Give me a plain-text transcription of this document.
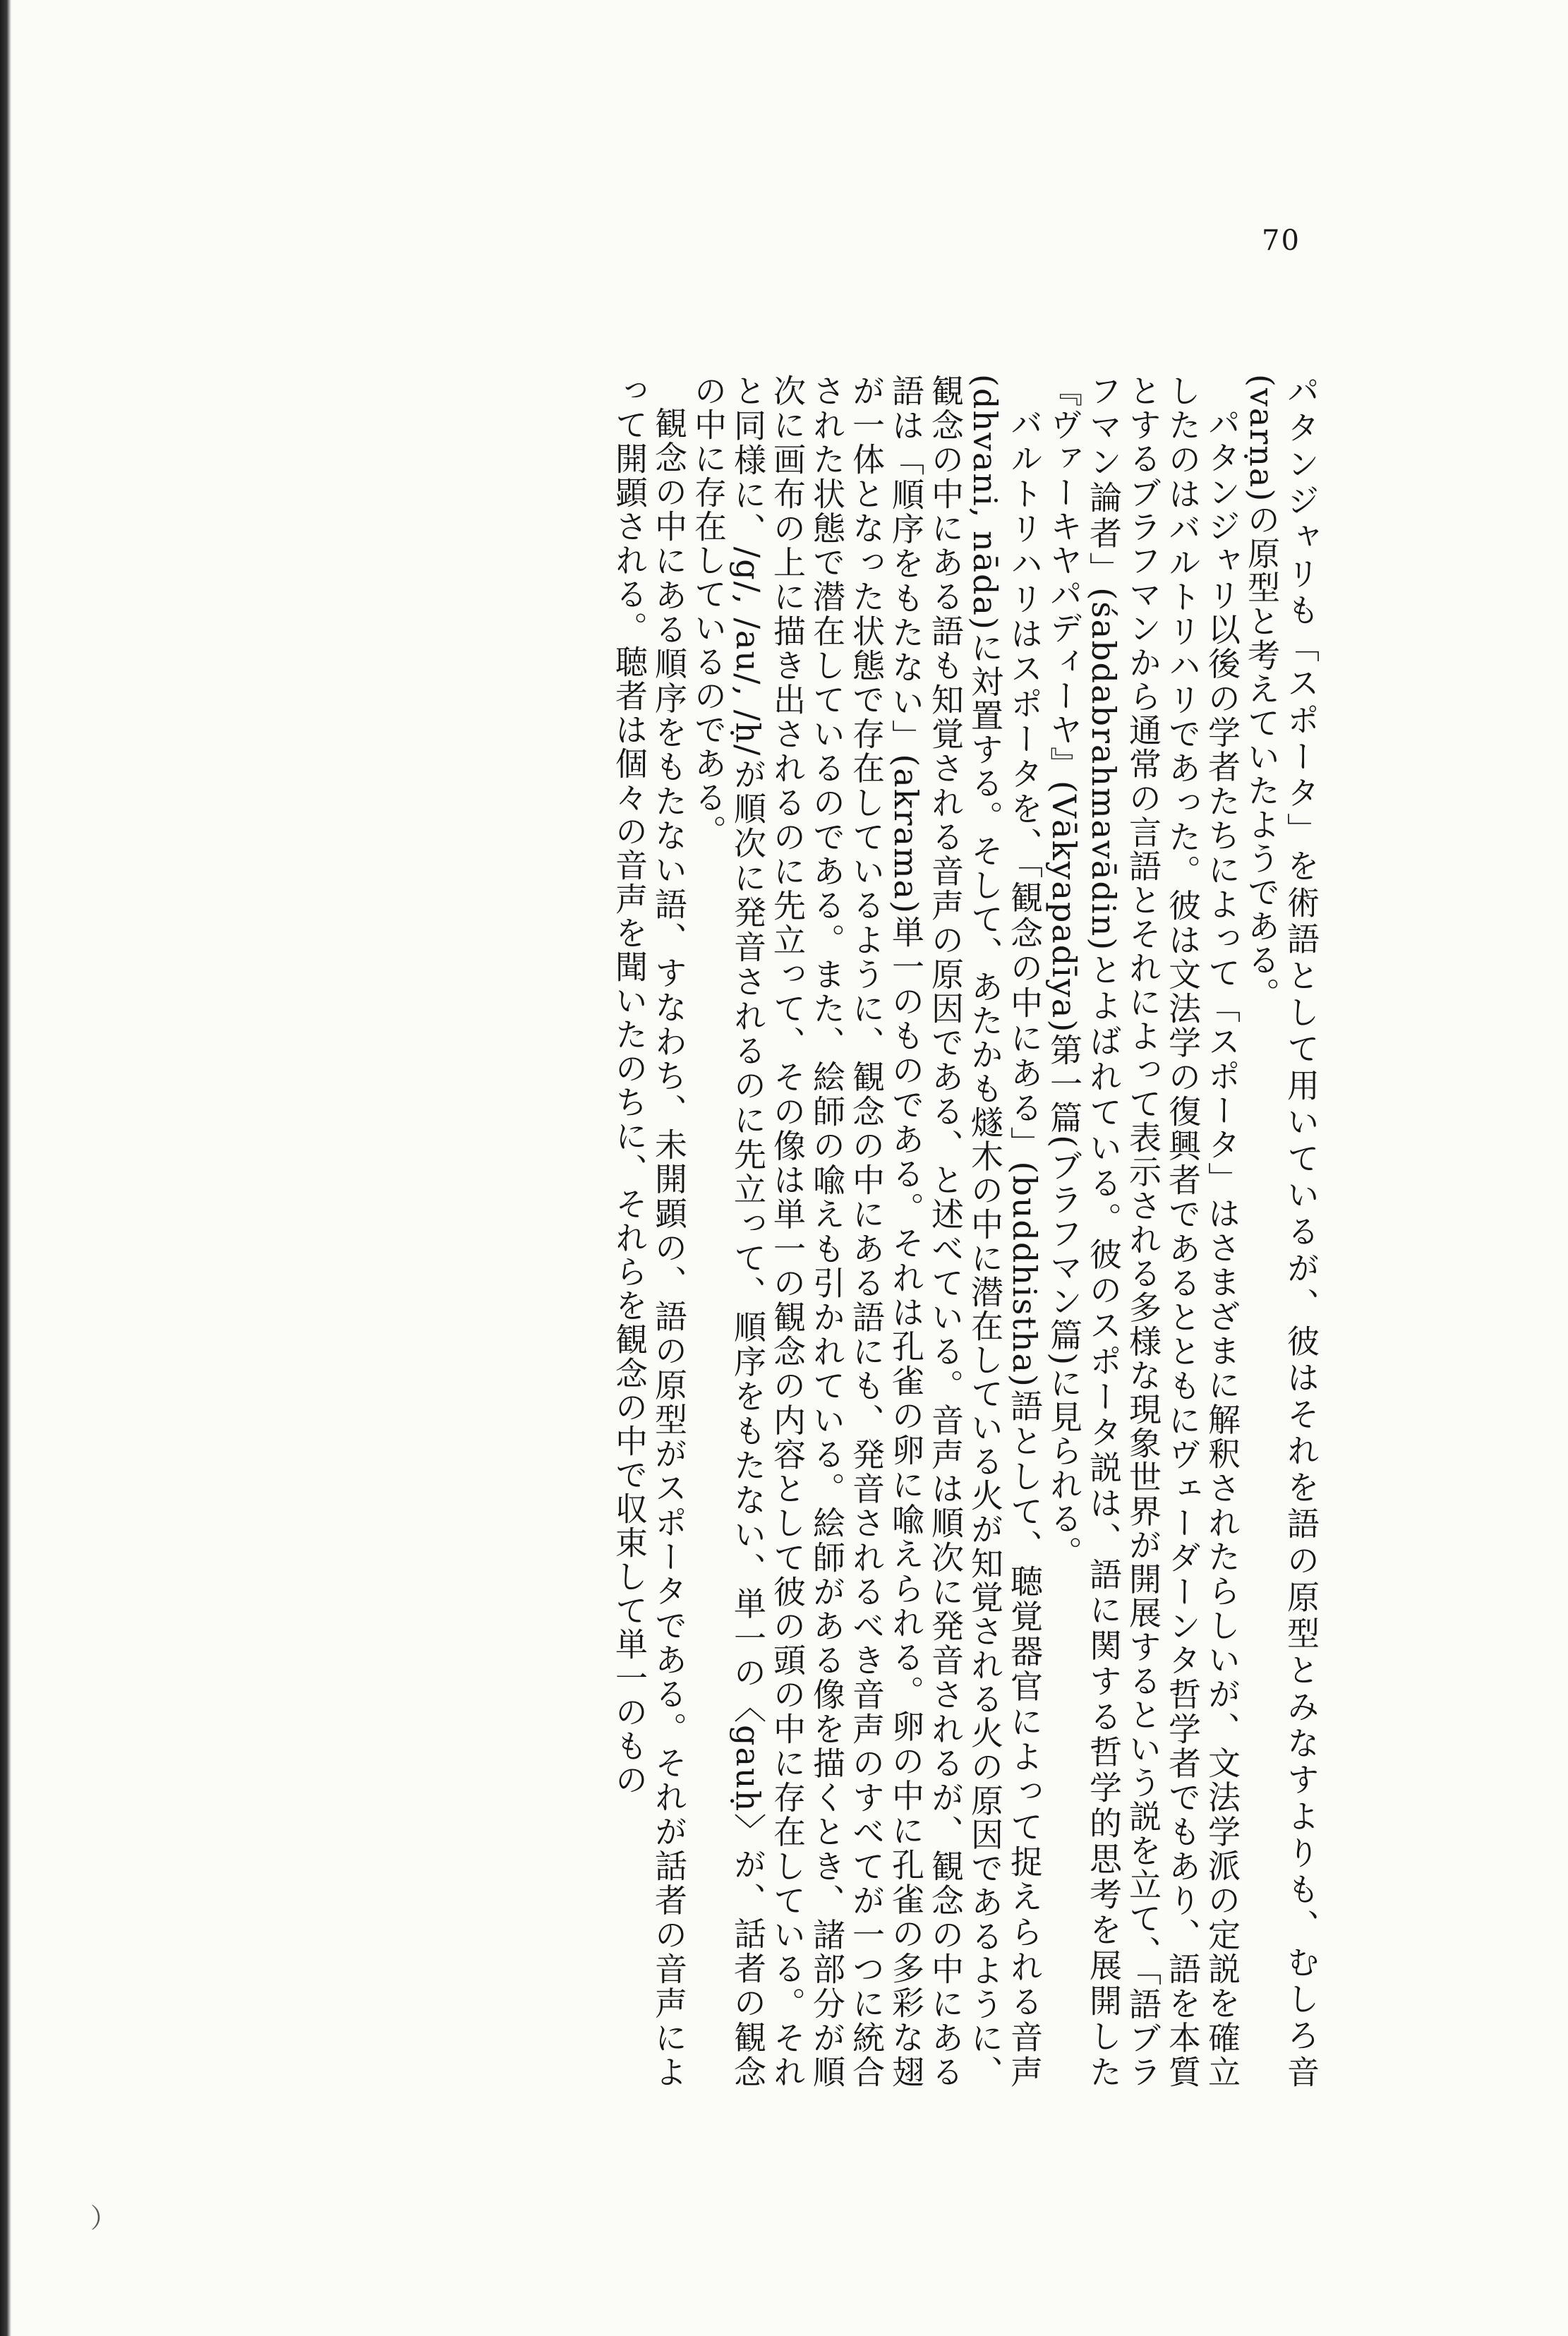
70

パタンジャリも「スポータ」を術語として用いているが、彼はそれを語の原型とみなすよりも、むしろ音(varṇa)の原型と考えていたようである。

パタンジャリ以後の学者たちによって「スポータ」はさまざまに解釈されたらしいが、文法学派の定説を確立したのはバルトリハリであった。彼は文法学の復興者であるとともにヴェーダーンタ哲学者でもあり、語を本質とするブラフマンから通常の言語とそれによって表示される多様な現象世界が開展するという説を立て、「語ブラフマン論者」(śabdabrahmavādin)とよばれている。彼のスポータ説は、語に関する哲学的思考を展開した『ヴァーキヤパディーヤ』(Vākyapadīya)第一篇(ブラフマン篇)に見られる。

バルトリハリはスポータを、「観念の中にある」(buddhistha)語として、聴覚器官によって捉えられる音声(dhvani, nāda)に対置する。そして、あたかも燧木の中に潜在している火が知覚される火の原因であるように、観念の中にある語も知覚される音声の原因である、と述べている。音声は順次に発音されるが、観念の中にある語は「順序をもたない」(akrama)単一のものである。それは孔雀の卵に喩えられる。卵の中に孔雀の多彩な翅が一体となった状態で存在しているように、観念の中にある語にも、発音されるべき音声のすべてが一つに統合された状態で潜在しているのである。また、絵師の喩えも引かれている。絵師がある像を描くとき、諸部分が順次に画布の上に描き出されるのに先立って、その像は単一の観念の内容として彼の頭の中に存在している。それと同様に、/g/, /au/, /ḥ/が順次に発音されるのに先立って、順序をもたない、単一の〈gauḥ〉が、話者の観念の中に存在しているのである。

観念の中にある順序をもたない語、すなわち、未開顕の、語の原型がスポータである。それが話者の音声によって開顕される。聴者は個々の音声を聞いたのちに、それらを観念の中で収束して単一のもの

）
